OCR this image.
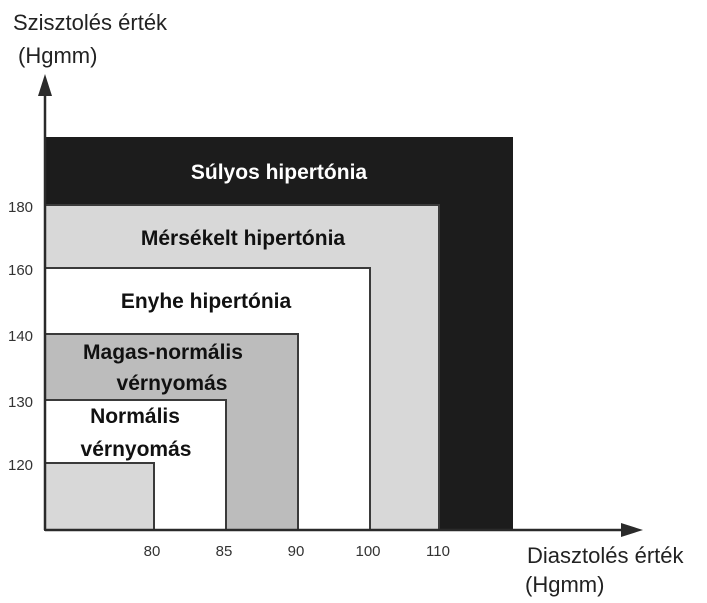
Súlyos hipertónia
Mérsékelt hipertónia
Enyhe hipertónia
Magas-normális
vérnyomás
Normális
vérnyomás
Szisztolés érték
(Hgmm)
Diasztolés érték
(Hgmm)
180
160
140
130
120
80	85	90	100	110
